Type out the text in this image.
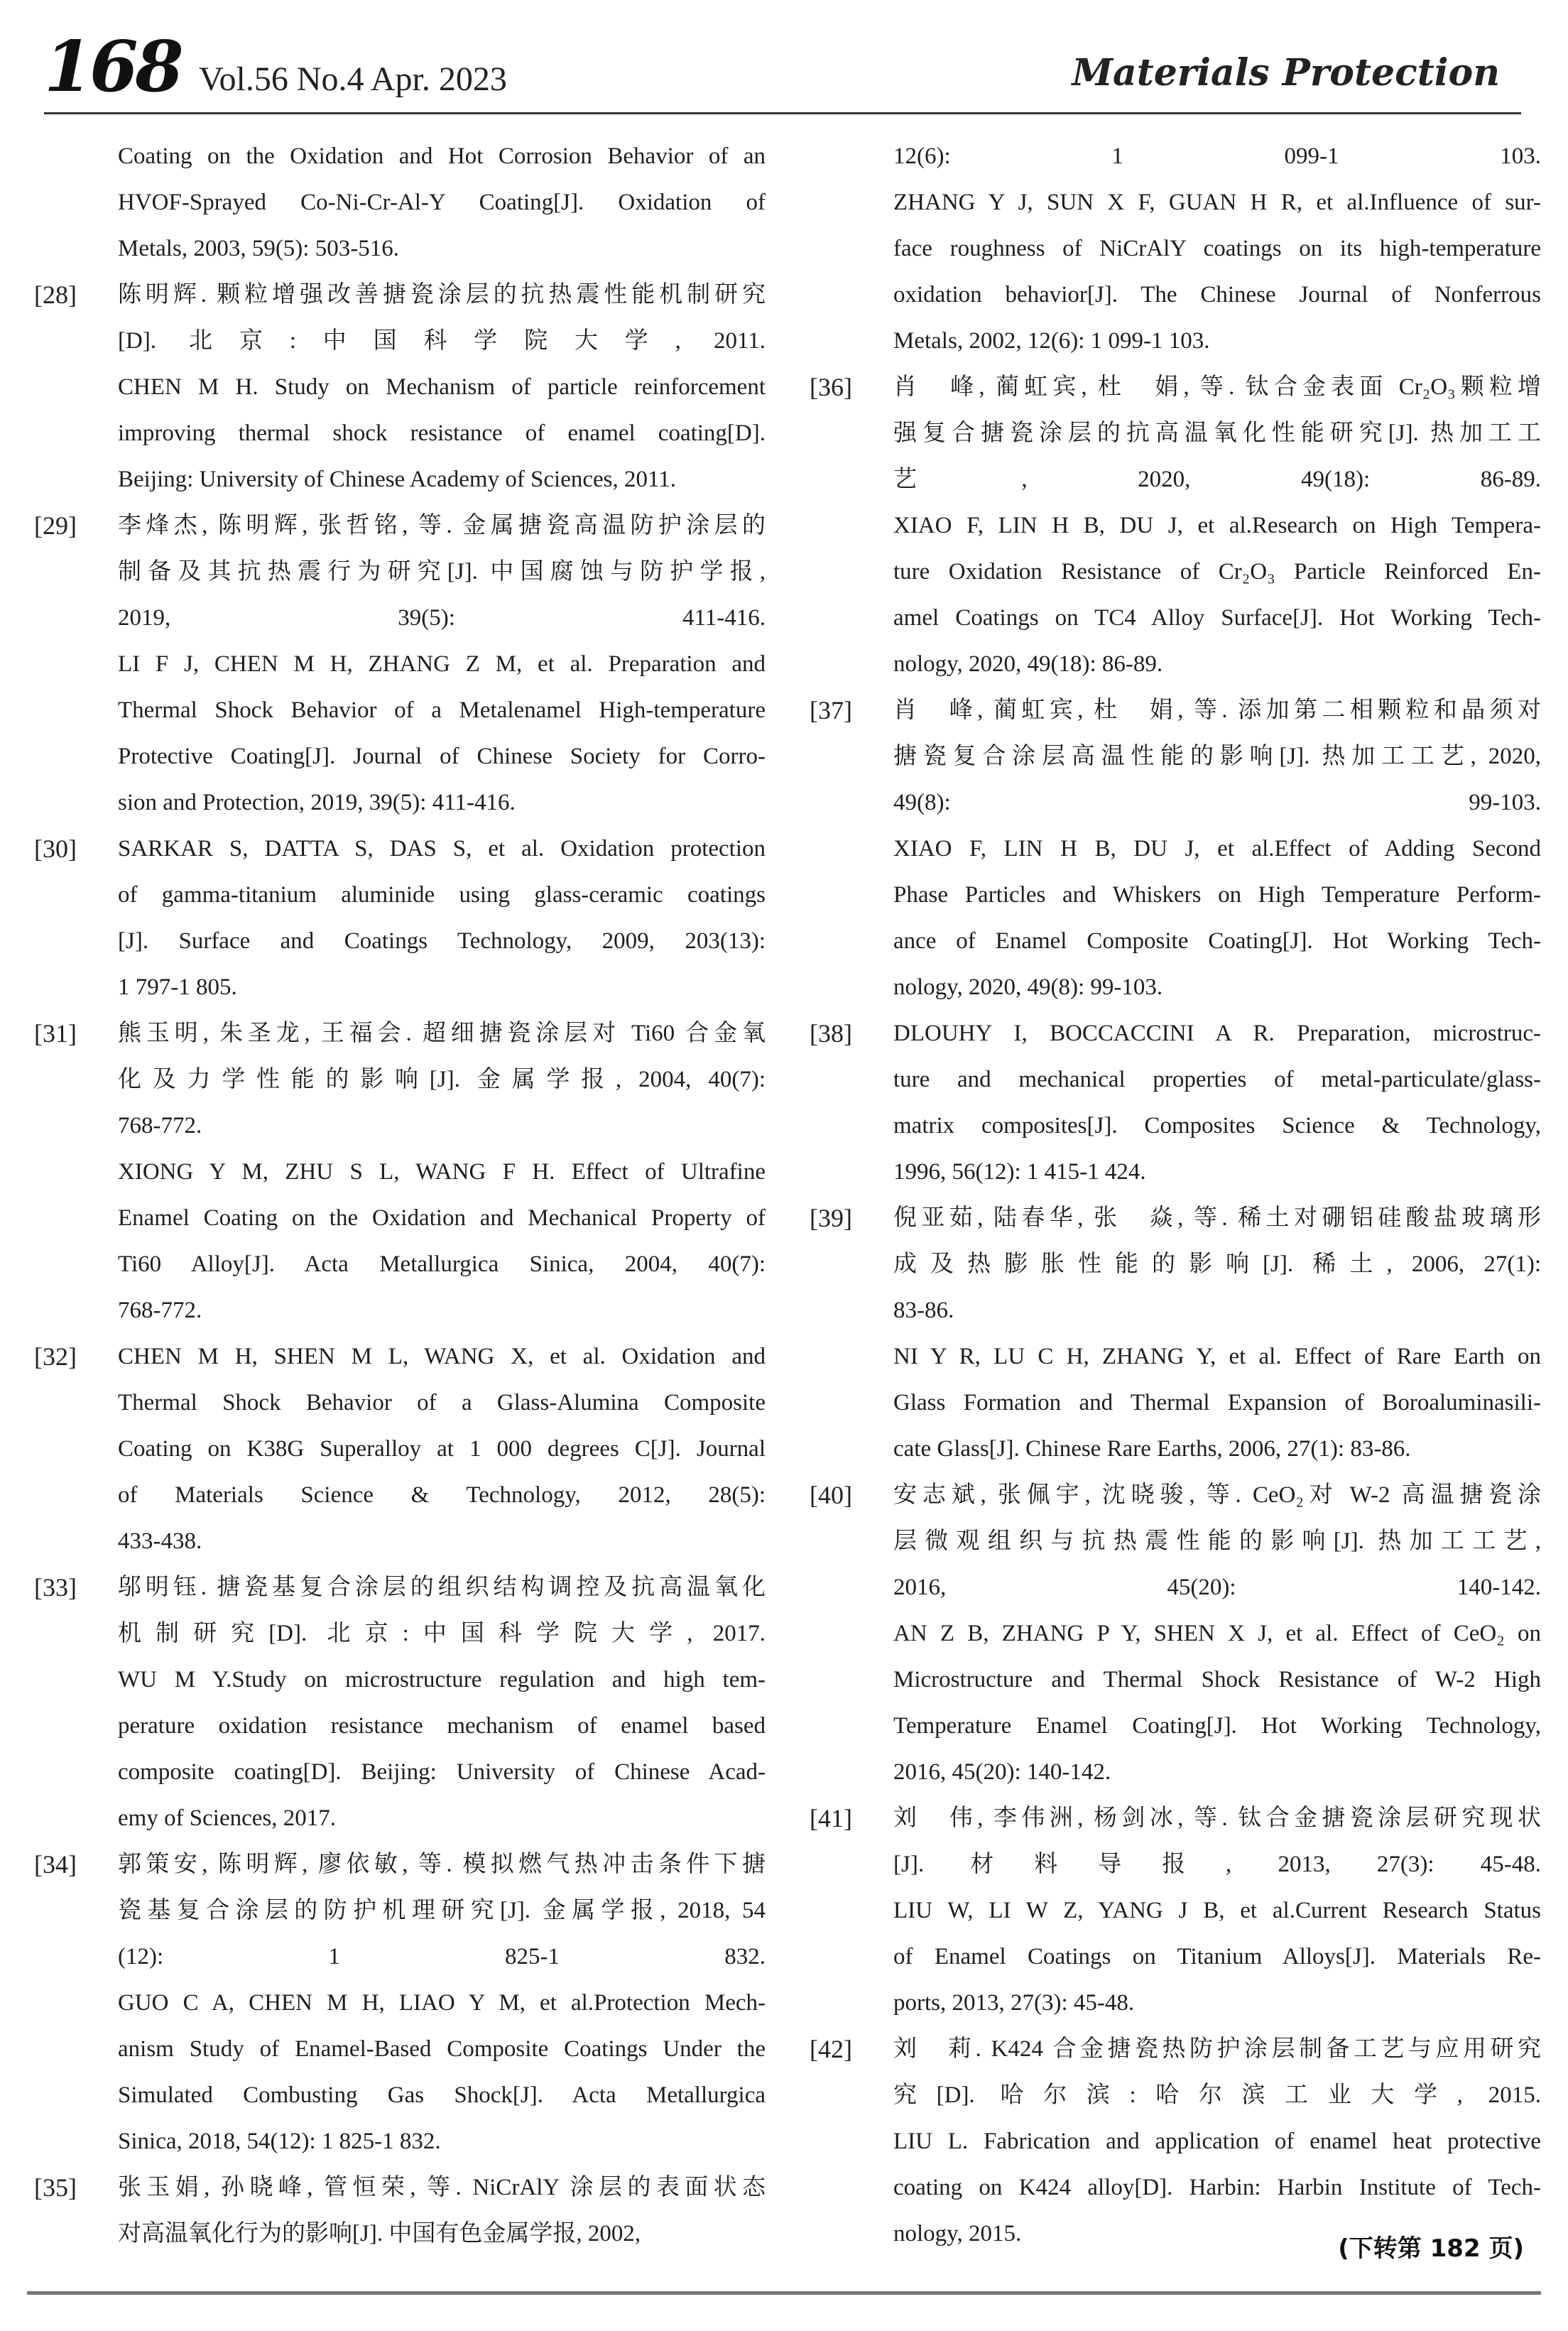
168 Vol.56 No.4 Apr. 2023	Materials Protection
Coating on the Oxidation and Hot Corrosion Behavior of an
HVOF-Sprayed Co-Ni-Cr-Al-Y Coating[J]. Oxidation of
Metals, 2003, 59(5): 503-516.
[28] 陈明辉. 颗粒增强改善搪瓷涂层的抗热震性能机制研究
[D]. 北京:中国科学院大学, 2011.
CHEN M H. Study on Mechanism of particle reinforcement
improving thermal shock resistance of enamel coating[D].
Beijing: University of Chinese Academy of Sciences, 2011.
[29] 李烽杰, 陈明辉, 张哲铭, 等. 金属搪瓷高温防护涂层的
制备及其抗热震行为研究[J]. 中国腐蚀与防护学报,
2019, 39(5): 411-416.
LI F J, CHEN M H, ZHANG Z M, et al. Preparation and
Thermal Shock Behavior of a Metalenamel High-temperature
Protective Coating[J]. Journal of Chinese Society for Corro-
sion and Protection, 2019, 39(5): 411-416.
[30] SARKAR S, DATTA S, DAS S, et al. Oxidation protection
of gamma-titanium aluminide using glass-ceramic coatings
[J]. Surface and Coatings Technology, 2009, 203(13):
1 797-1 805.
[31] 熊玉明, 朱圣龙, 王福会. 超细搪瓷涂层对 Ti60 合金氧
化及力学性能的影响[J]. 金属学报, 2004, 40(7):
768-772.
XIONG Y M, ZHU S L, WANG F H. Effect of Ultrafine
Enamel Coating on the Oxidation and Mechanical Property of
Ti60 Alloy[J]. Acta Metallurgica Sinica, 2004, 40(7):
768-772.
[32] CHEN M H, SHEN M L, WANG X, et al. Oxidation and
Thermal Shock Behavior of a Glass-Alumina Composite
Coating on K38G Superalloy at 1 000 degrees C[J]. Journal
of Materials Science & Technology, 2012, 28(5):
433-438.
[33] 邬明钰. 搪瓷基复合涂层的组织结构调控及抗高温氧化
机制研究[D]. 北京:中国科学院大学, 2017.
WU M Y.Study on microstructure regulation and high tem-
perature oxidation resistance mechanism of enamel based
composite coating[D]. Beijing: University of Chinese Acad-
emy of Sciences, 2017.
[34] 郭策安, 陈明辉, 廖依敏, 等. 模拟燃气热冲击条件下搪
瓷基复合涂层的防护机理研究[J]. 金属学报, 2018, 54
(12): 1 825-1 832.
GUO C A, CHEN M H, LIAO Y M, et al.Protection Mech-
anism Study of Enamel-Based Composite Coatings Under the
Simulated Combusting Gas Shock[J]. Acta Metallurgica
Sinica, 2018, 54(12): 1 825-1 832.
[35] 张玉娟, 孙晓峰, 管恒荣, 等. NiCrAlY 涂层的表面状态
对高温氧化行为的影响[J]. 中国有色金属学报, 2002,
12(6): 1 099-1 103.
ZHANG Y J, SUN X F, GUAN H R, et al.Influence of sur-
face roughness of NiCrAlY coatings on its high-temperature
oxidation behavior[J]. The Chinese Journal of Nonferrous
Metals, 2002, 12(6): 1 099-1 103.
[36] 肖　峰, 蔺虹宾, 杜　娟, 等. 钛合金表面 Cr₂O₃颗粒增
强复合搪瓷涂层的抗高温氧化性能研究[J]. 热加工工
艺, 2020, 49(18): 86-89.
XIAO F, LIN H B, DU J, et al.Research on High Tempera-
ture Oxidation Resistance of Cr₂O₃ Particle Reinforced En-
amel Coatings on TC4 Alloy Surface[J]. Hot Working Tech-
nology, 2020, 49(18): 86-89.
[37] 肖　峰, 蔺虹宾, 杜　娟, 等. 添加第二相颗粒和晶须对
搪瓷复合涂层高温性能的影响[J]. 热加工工艺, 2020,
49(8): 99-103.
XIAO F, LIN H B, DU J, et al.Effect of Adding Second
Phase Particles and Whiskers on High Temperature Perform-
ance of Enamel Composite Coating[J]. Hot Working Tech-
nology, 2020, 49(8): 99-103.
[38] DLOUHY I, BOCCACCINI A R. Preparation, microstruc-
ture and mechanical properties of metal-particulate/glass-
matrix composites[J]. Composites Science & Technology,
1996, 56(12): 1 415-1 424.
[39] 倪亚茹, 陆春华, 张　焱, 等. 稀土对硼铝硅酸盐玻璃形
成及热膨胀性能的影响[J]. 稀土, 2006, 27(1):
83-86.
NI Y R, LU C H, ZHANG Y, et al. Effect of Rare Earth on
Glass Formation and Thermal Expansion of Boroaluminasili-
cate Glass[J]. Chinese Rare Earths, 2006, 27(1): 83-86.
[40] 安志斌, 张佩宇, 沈晓骏, 等. CeO₂对 W-2 高温搪瓷涂
层微观组织与抗热震性能的影响[J]. 热加工工艺,
2016, 45(20): 140-142.
AN Z B, ZHANG P Y, SHEN X J, et al. Effect of CeO₂ on
Microstructure and Thermal Shock Resistance of W-2 High
Temperature Enamel Coating[J]. Hot Working Technology,
2016, 45(20): 140-142.
[41] 刘　伟, 李伟洲, 杨剑冰, 等. 钛合金搪瓷涂层研究现状
[J]. 材料导报, 2013, 27(3): 45-48.
LIU W, LI W Z, YANG J B, et al.Current Research Status
of Enamel Coatings on Titanium Alloys[J]. Materials Re-
ports, 2013, 27(3): 45-48.
[42] 刘　莉. K424 合金搪瓷热防护涂层制备工艺与应用研究
究[D]. 哈尔滨:哈尔滨工业大学, 2015.
LIU L. Fabrication and application of enamel heat protective
coating on K424 alloy[D]. Harbin: Harbin Institute of Tech-
nology, 2015.
(下转第 182 页)
